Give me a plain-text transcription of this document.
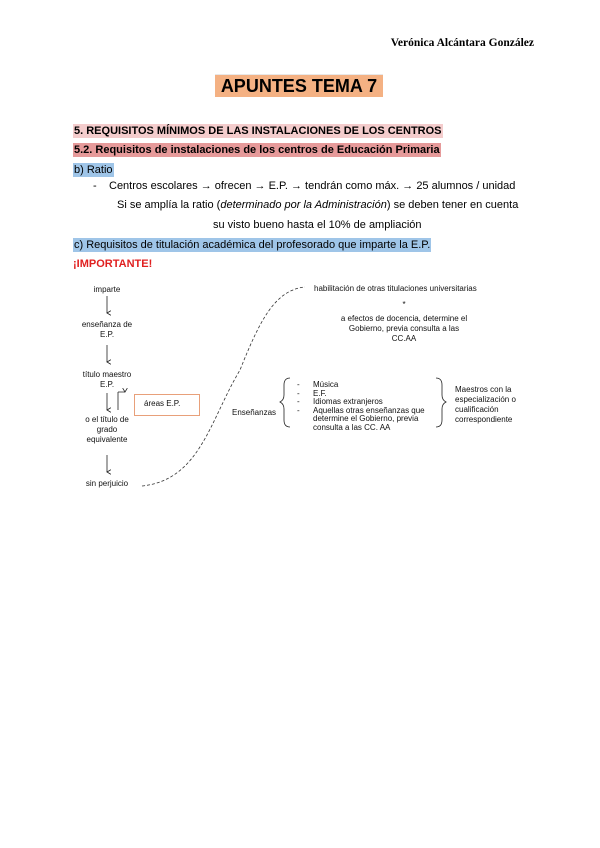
Verónica Alcántara González
APUNTES TEMA 7
5. REQUISITOS MÍNIMOS DE LAS INSTALACIONES DE LOS CENTROS
5.2. Requisitos de instalaciones de los centros de Educación Primaria
b) Ratio
- Centros escolares → ofrecen → E.P. → tendrán como máx. → 25 alumnos / unidad
Si se amplía la ratio (determinado por la Administración) se deben tener en cuenta
su visto bueno hasta el 10% de ampliación
c) Requisitos de titulación académica del profesorado que imparte la E.P.
¡IMPORTANTE!
imparte
enseñanza de E.P.
título maestro E.P.
o el título de grado equivalente
sin perjuicio
áreas E.P.
habilitación de otras titulaciones universitarias
*
a efectos de docencia, determine el Gobierno, previa consulta a las CC.AA
Enseñanzas
-	Música
-	E.F.
-	Idiomas extranjeros
-	Aquellas otras enseñanzas que determine el Gobierno, previa consulta a las CC. AA
Maestros con la especialización o cualificación correspondiente
